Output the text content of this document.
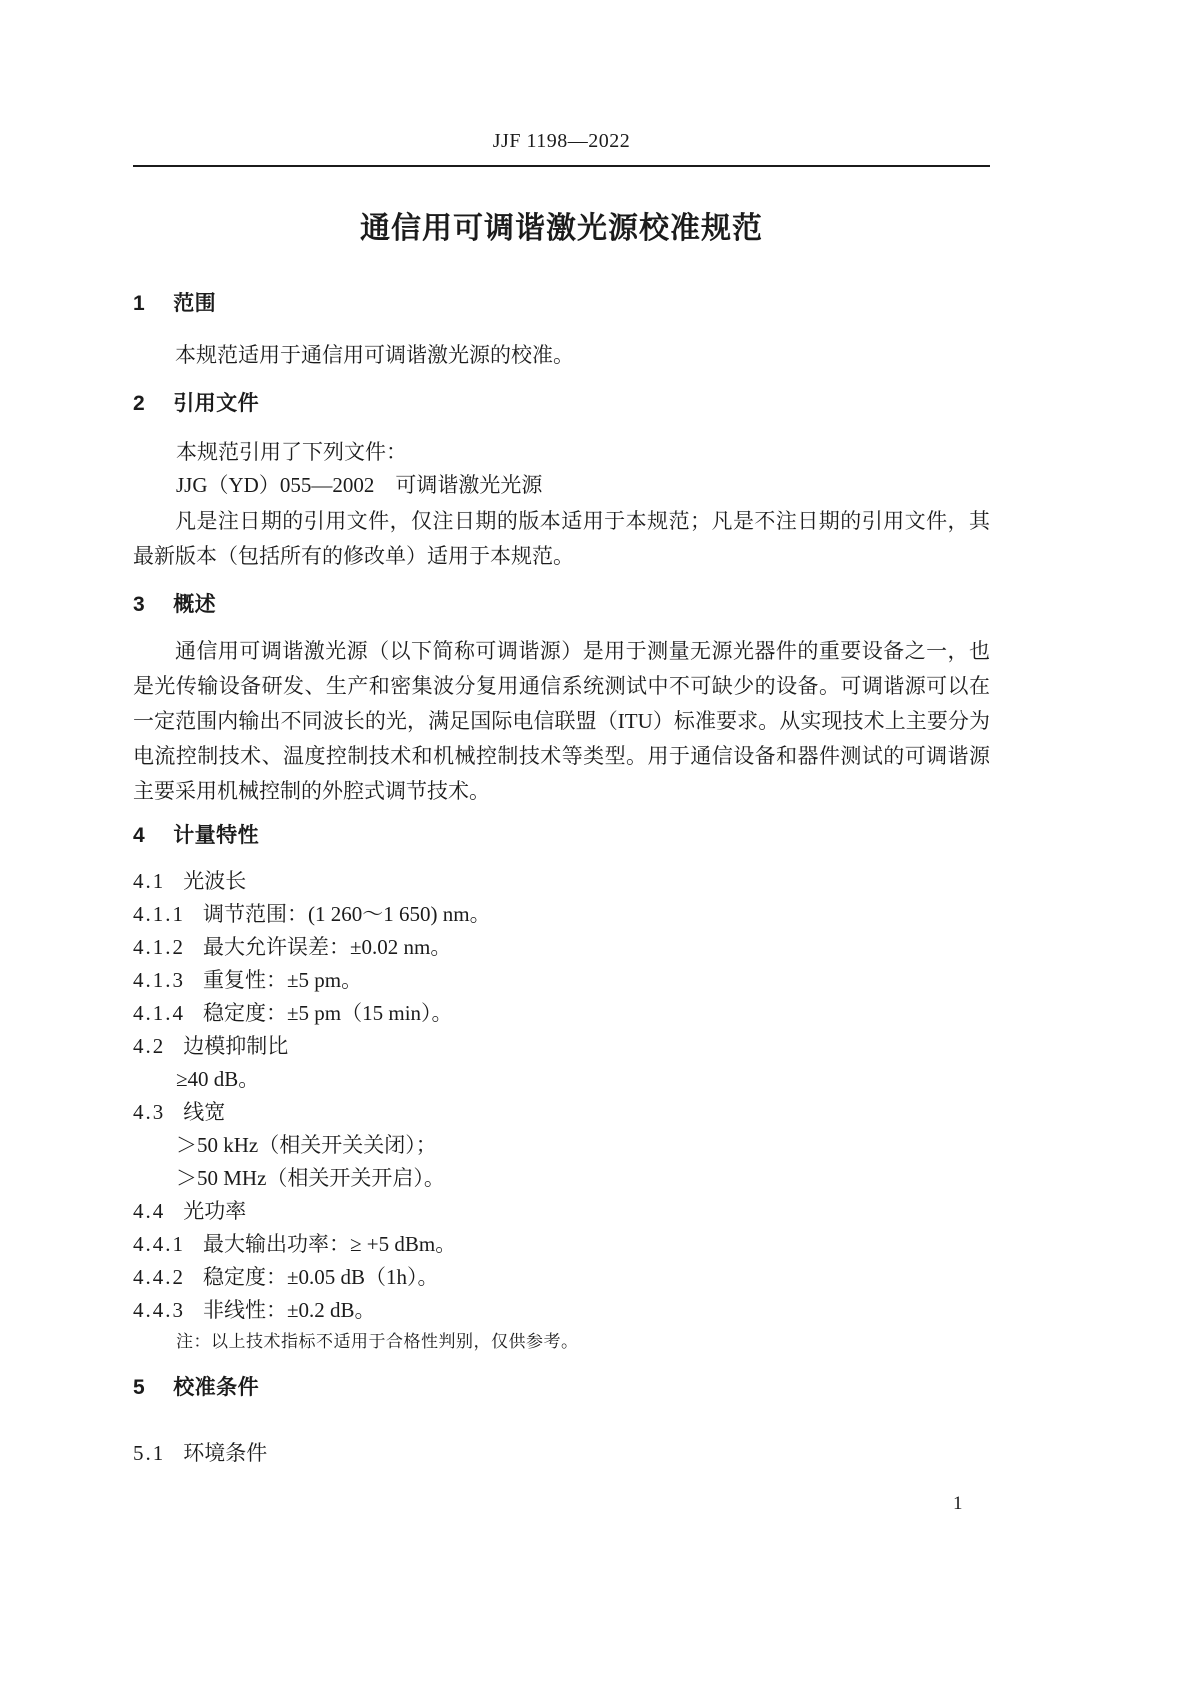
JJF 1198—2022
通信用可调谐激光源校准规范
1 范围

本规范适用于通信用可调谐激光源的校准。

2 引用文件
本规范引用了下列文件：
JJG（YD）055—2002　可调谐激光光源

凡是注日期的引用文件，仅注日期的版本适用于本规范；凡是不注日期的引用文件，其最新版本（包括所有的修改单）适用于本规范。

3 概述

通信用可调谐激光源（以下简称可调谐源）是用于测量无源光器件的重要设备之一，也是光传输设备研发、生产和密集波分复用通信系统测试中不可缺少的设备。可调谐源可以在一定范围内输出不同波长的光，满足国际电信联盟（ITU）标准要求。从实现技术上主要分为电流控制技术、温度控制技术和机械控制技术等类型。用于通信设备和器件测试的可调谐源主要采用机械控制的外腔式调节技术。

4 计量特性
4.1 光波长
4.1.1 调节范围：(1 260～1 650) nm。
4.1.2 最大允许误差：±0.02 nm。
4.1.3 重复性：±5 pm。
4.1.4 稳定度：±5 pm（15 min）。
4.2 边模抑制比
≥40 dB。
4.3 线宽
＞50 kHz（相关开关关闭）；
＞50 MHz（相关开关开启）。
4.4 光功率
4.4.1 最大输出功率：≥ +5 dBm。
4.4.2 稳定度：±0.05 dB（1h）。
4.4.3 非线性：±0.2 dB。
注：以上技术指标不适用于合格性判别，仅供参考。
5 校准条件
5.1 环境条件
1
